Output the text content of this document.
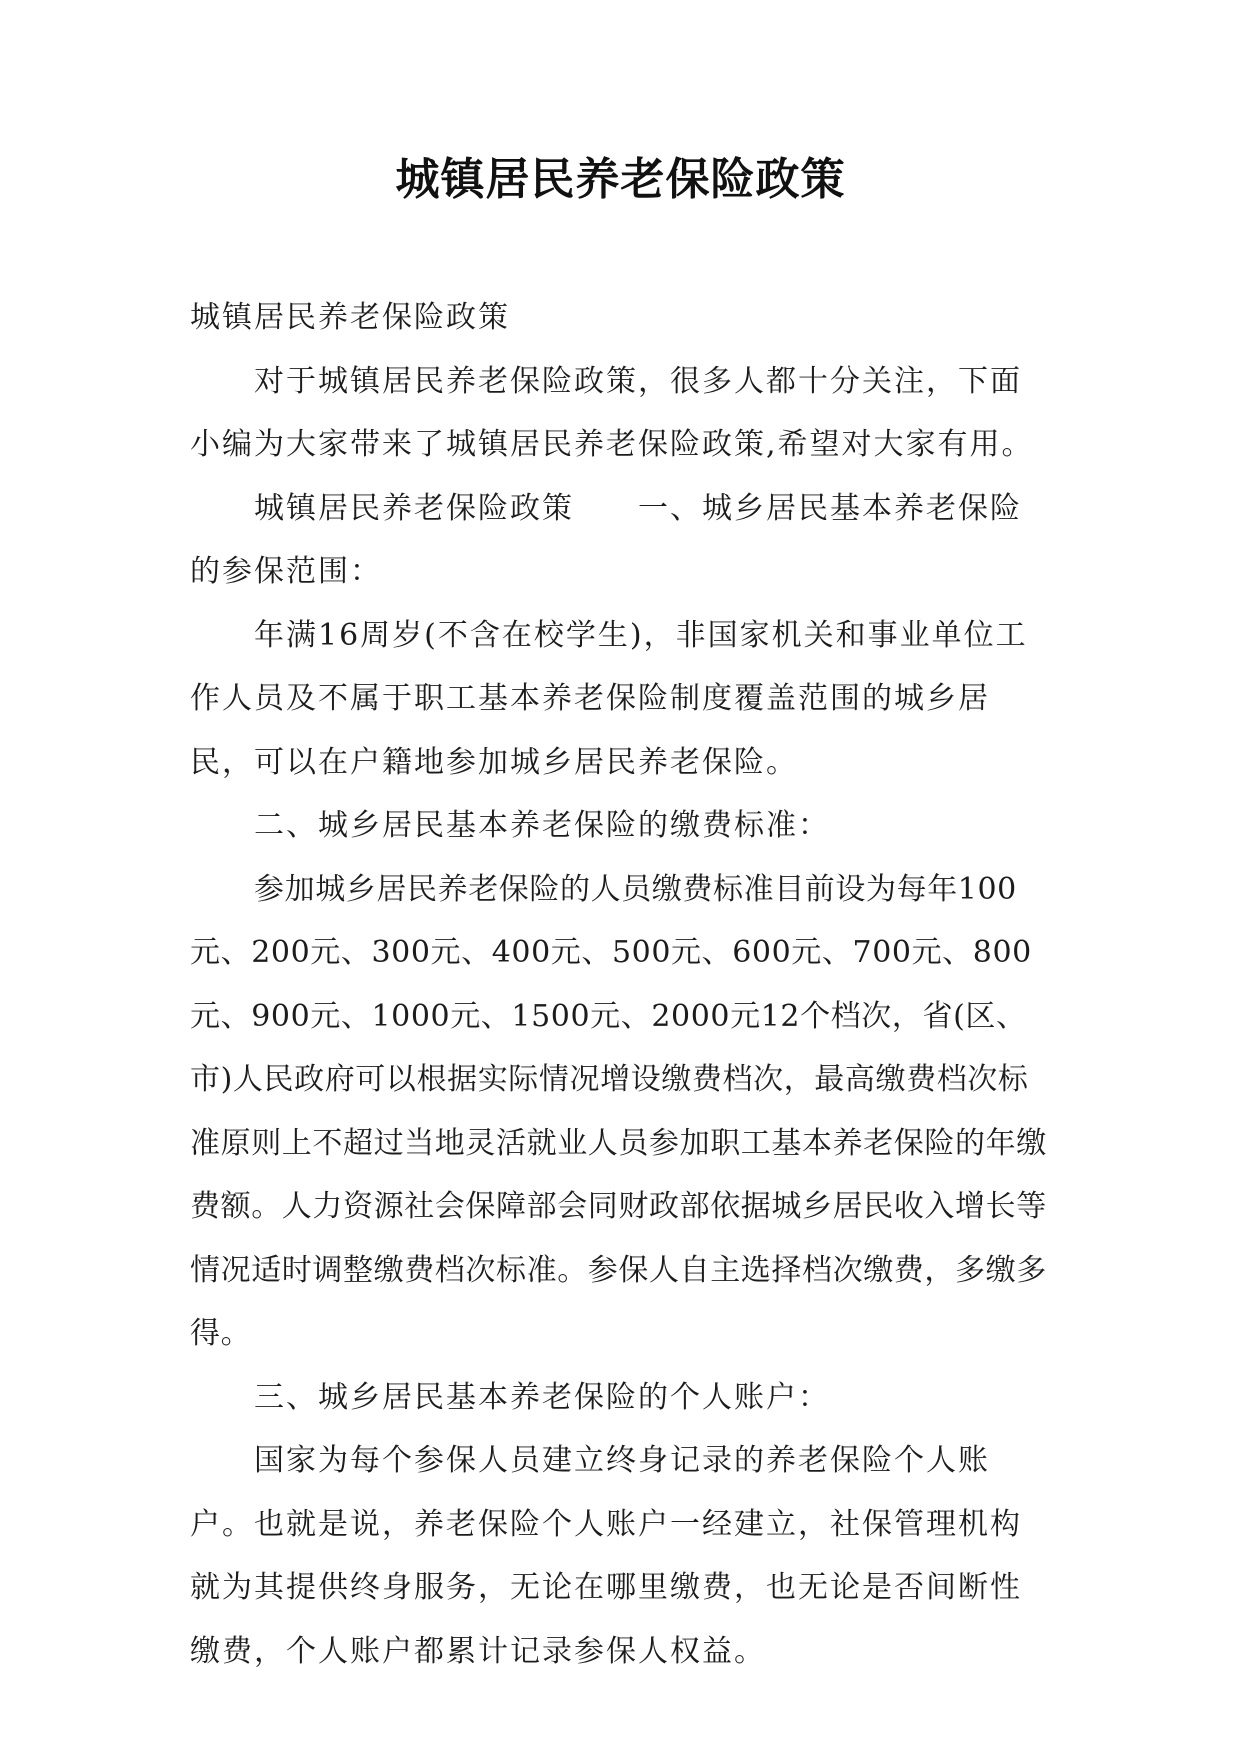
城镇居民养老保险政策

城镇居民养老保险政策

对于城镇居民养老保险政策，很多人都十分关注，下面小编为大家带来了城镇居民养老保险政策,希望对大家有用。

城镇居民养老保险政策　　一、城乡居民基本养老保险的参保范围：

年满16周岁(不含在校学生)，非国家机关和事业单位工作人员及不属于职工基本养老保险制度覆盖范围的城乡居民，可以在户籍地参加城乡居民养老保险。

二、城乡居民基本养老保险的缴费标准：

参加城乡居民养老保险的人员缴费标准目前设为每年100元、200元、300元、400元、500元、600元、700元、800元、900元、1000元、1500元、2000元12个档次，省(区、市)人民政府可以根据实际情况增设缴费档次，最高缴费档次标准原则上不超过当地灵活就业人员参加职工基本养老保险的年缴费额。人力资源社会保障部会同财政部依据城乡居民收入增长等情况适时调整缴费档次标准。参保人自主选择档次缴费，多缴多得。

三、城乡居民基本养老保险的个人账户：

国家为每个参保人员建立终身记录的养老保险个人账户。也就是说，养老保险个人账户一经建立，社保管理机构就为其提供终身服务，无论在哪里缴费，也无论是否间断性缴费，个人账户都累计记录参保人权益。
